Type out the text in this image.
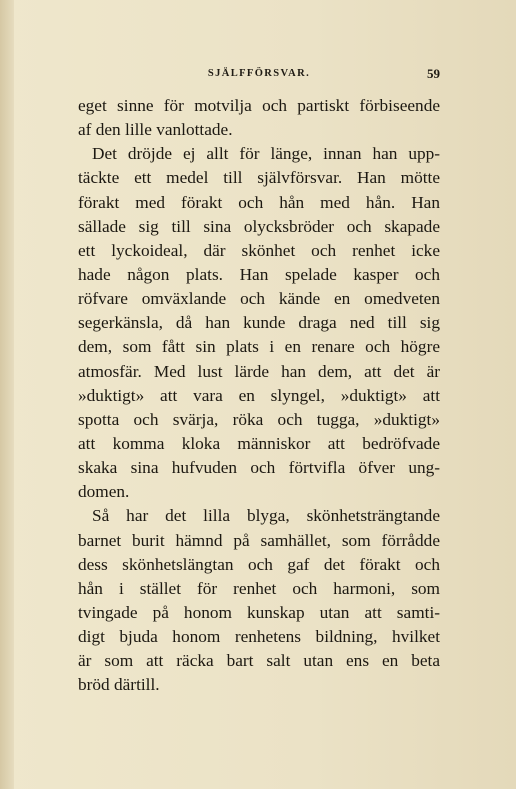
SJÄLFFÖRSVAR.	59
eget sinne för motvilja och partiskt förbiseende
af den lille vanlottade.
Det dröjde ej allt för länge, innan han upp-
täckte ett medel till självförsvar. Han mötte
förakt med förakt och hån med hån. Han
sällade sig till sina olycksbröder och skapade
ett lyckoideal, där skönhet och renhet icke
hade någon plats. Han spelade kasper och
röfvare omväxlande och kände en omedveten
segerkänsla, då han kunde draga ned till sig
dem, som fått sin plats i en renare och högre
atmosfär. Med lust lärde han dem, att det är
»duktigt» att vara en slyngel, »duktigt» att
spotta och svärja, röka och tugga, »duktigt»
att komma kloka människor att bedröfvade
skaka sina hufvuden och förtvifla öfver ung-
domen.
Så har det lilla blyga, skönhetsträngtande
barnet burit hämnd på samhället, som förrådde
dess skönhetslängtan och gaf det förakt och
hån i stället för renhet och harmoni, som
tvingade på honom kunskap utan att samti-
digt bjuda honom renhetens bildning, hvilket
är som att räcka bart salt utan ens en beta
bröd därtill.
